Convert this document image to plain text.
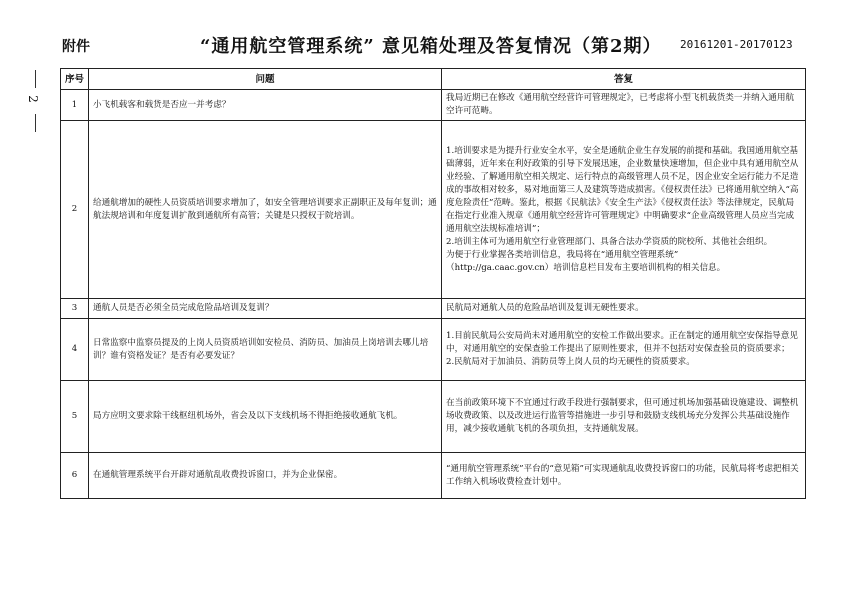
附件	“通用航空管理系统” 意见箱处理及答复情况（第2期） 20161201-20170123
2
序号	问题	答复
1	小飞机载客和载货是否应一并考虑？	我局近期已在修改《通用航空经营许可管理规定》，已考虑将小型飞机载货类一并纳入通用航空许可范畴。

2	给通航增加的硬性人员资质培训要求增加了，如安全管理培训要求正副职正及每年复训；通航法规培训和年度复训扩散到通航所有高管；关键是只授权于院培训。	1.培训要求是为提升行业安全水平，安全是通航企业生存发展的前提和基础。我国通用航空基础薄弱，近年来在利好政策的引导下发展迅速，企业数量快速增加，但企业中具有通用航空从业经验、了解通用航空相关规定、运行特点的高级管理人员不足，因企业安全运行能力不足造成的事故相对较多，易对地面第三人及建筑等造成损害。《侵权责任法》已将通用航空纳入“高度危险责任”范畴。鉴此，根据《民航法》《安全生产法》《侵权责任法》等法律规定，民航局在指定行业准入规章《通用航空经营许可管理规定》中明确要求“企业高级管理人员应当完成通用航空法规标准培训”；
2.培训主体可为通用航空行业管理部门、具备合法办学资质的院校所、其他社会组织。
为便于行业掌握各类培训信息，我局将在“通用航空管理系统”
（http://ga.caac.gov.cn）培训信息栏目发布主要培训机构的相关信息。

3	通航人员是否必须全员完成危险品培训及复训？	民航局对通航人员的危险品培训及复训无硬性要求。

4	日常监察中监察员提及的上岗人员资质培训如安检员、消防员、加油员上岗培训去哪儿培训？谁有资格发证？是否有必要发证？	1.目前民航局公安局尚未对通用航空的安检工作做出要求。正在制定的通用航空安保指导意见中，对通用航空的安保查验工作提出了原则性要求，但并不包括对安保查验员的资质要求；
2.民航局对于加油员、消防员等上岗人员的均无硬性的资质要求。

5	局方应明文要求除干线枢纽机场外，省会及以下支线机场不得拒绝接收通航飞机。	在当前政策环境下不宜通过行政手段进行强制要求，但可通过机场加强基础设施建设、调整机场收费政策、以及改进运行监管等措施进一步引导和鼓励支线机场充分发挥公共基础设施作用，减少接收通航飞机的各项负担，支持通航发展。

6	在通航管理系统平台开辟对通航乱收费投诉窗口，并为企业保密。	“通用航空管理系统”平台的“意见箱”可实现通航乱收费投诉窗口的功能，民航局将考虑把相关工作纳入机场收费检查计划中。
